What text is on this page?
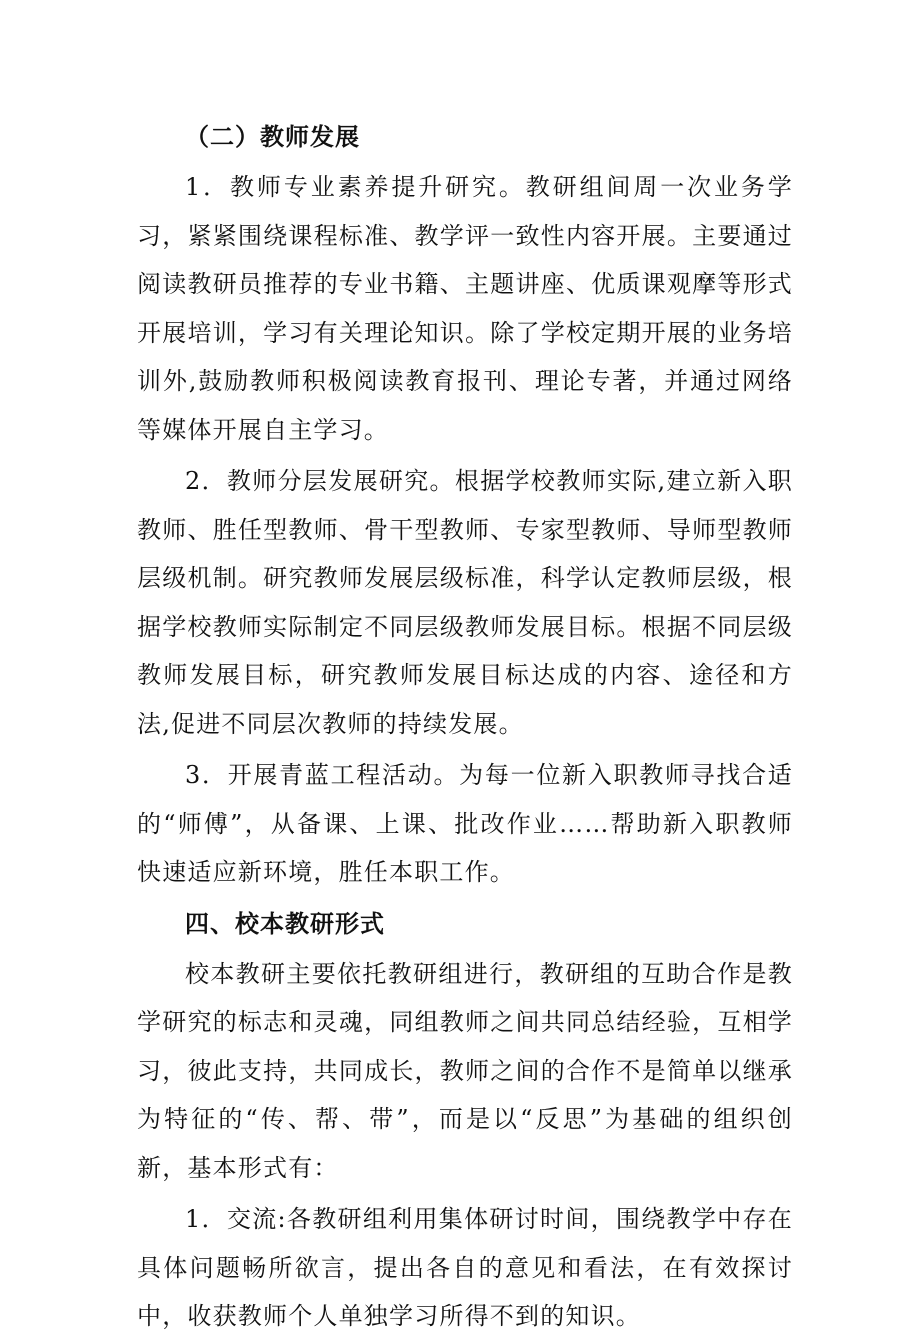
（二）教师发展

1．教师专业素养提升研究。教研组间周一次业务学习，紧紧围绕课程标准、教学评一致性内容开展。主要通过阅读教研员推荐的专业书籍、主题讲座、优质课观摩等形式开展培训，学习有关理论知识。除了学校定期开展的业务培训外,鼓励教师积极阅读教育报刊、理论专著，并通过网络等媒体开展自主学习。

2．教师分层发展研究。根据学校教师实际,建立新入职教师、胜任型教师、骨干型教师、专家型教师、导师型教师层级机制。研究教师发展层级标准，科学认定教师层级，根据学校教师实际制定不同层级教师发展目标。根据不同层级教师发展目标，研究教师发展目标达成的内容、途径和方法,促进不同层次教师的持续发展。

3．开展青蓝工程活动。为每一位新入职教师寻找合适的“师傅”，从备课、上课、批改作业……帮助新入职教师快速适应新环境，胜任本职工作。

四、校本教研形式

校本教研主要依托教研组进行，教研组的互助合作是教学研究的标志和灵魂，同组教师之间共同总结经验，互相学习，彼此支持，共同成长，教师之间的合作不是简单以继承为特征的“传、帮、带”，而是以“反思”为基础的组织创新，基本形式有：

1．交流:各教研组利用集体研讨时间，围绕教学中存在具体问题畅所欲言，提出各自的意见和看法，在有效探讨中，收获教师个人单独学习所得不到的知识。
